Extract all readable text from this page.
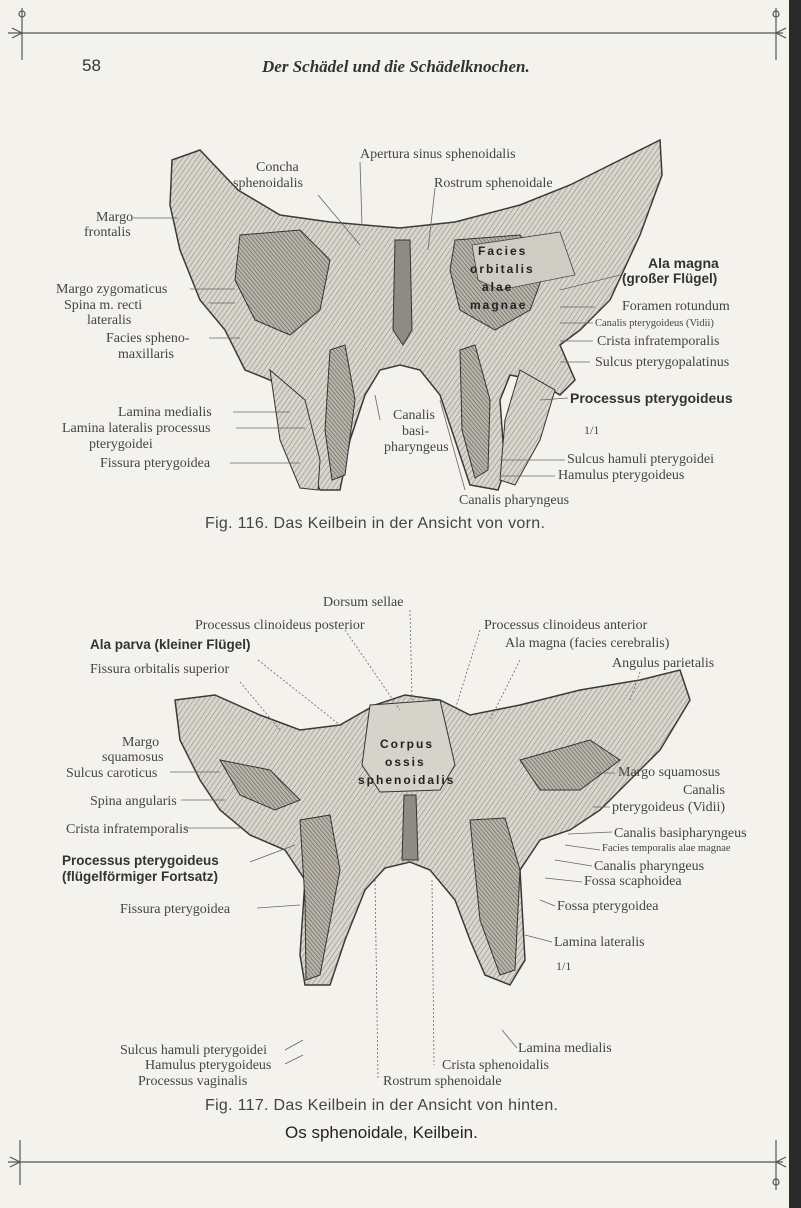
Facies
orbitalis
alae
magnae
Corpus
ossis
sphenoidalis
58	Der Schädel und die Schädelknochen.
Apertura sinus sphenoidalis
Concha
sphenoidalis	Rostrum sphenoidale
Margo
frontalis
Margo zygomaticus
Spina m. recti
lateralis
Facies spheno-
maxillaris
Lamina medialis
Lamina lateralis processus
pterygoidei
Fissura pterygoidea
Canalis
basi-
pharyngeus
Canalis pharyngeus
Ala magna
(großer Flügel)
Foramen rotundum
Canalis pterygoideus (Vidii)
Crista infratemporalis
Sulcus pterygopalatinus
Processus pterygoideus
1/1
Sulcus hamuli pterygoidei
Hamulus pterygoideus
Fig. 116. Das Keilbein in der Ansicht von vorn.
Dorsum sellae
Processus clinoideus posterior	Processus clinoideus anterior
Ala parva (kleiner Flügel)	Ala magna (facies cerebralis)
Fissura orbitalis superior	Angulus parietalis
Margo
squamosus
Sulcus caroticus
Spina angularis
Crista infratemporalis
Processus pterygoideus
(flügelförmiger Fortsatz)
Fissura pterygoidea
Sulcus hamuli pterygoidei
Hamulus pterygoideus
Processus vaginalis
Margo squamosus
Canalis
pterygoideus (Vidii)
Canalis basipharyngeus
Facies temporalis alae magnae
Canalis pharyngeus
Fossa scaphoidea
Fossa pterygoidea
Lamina lateralis
1/1
Lamina medialis
Crista sphenoidalis
Rostrum sphenoidale
Fig. 117. Das Keilbein in der Ansicht von hinten.
Os sphenoidale, Keilbein.
